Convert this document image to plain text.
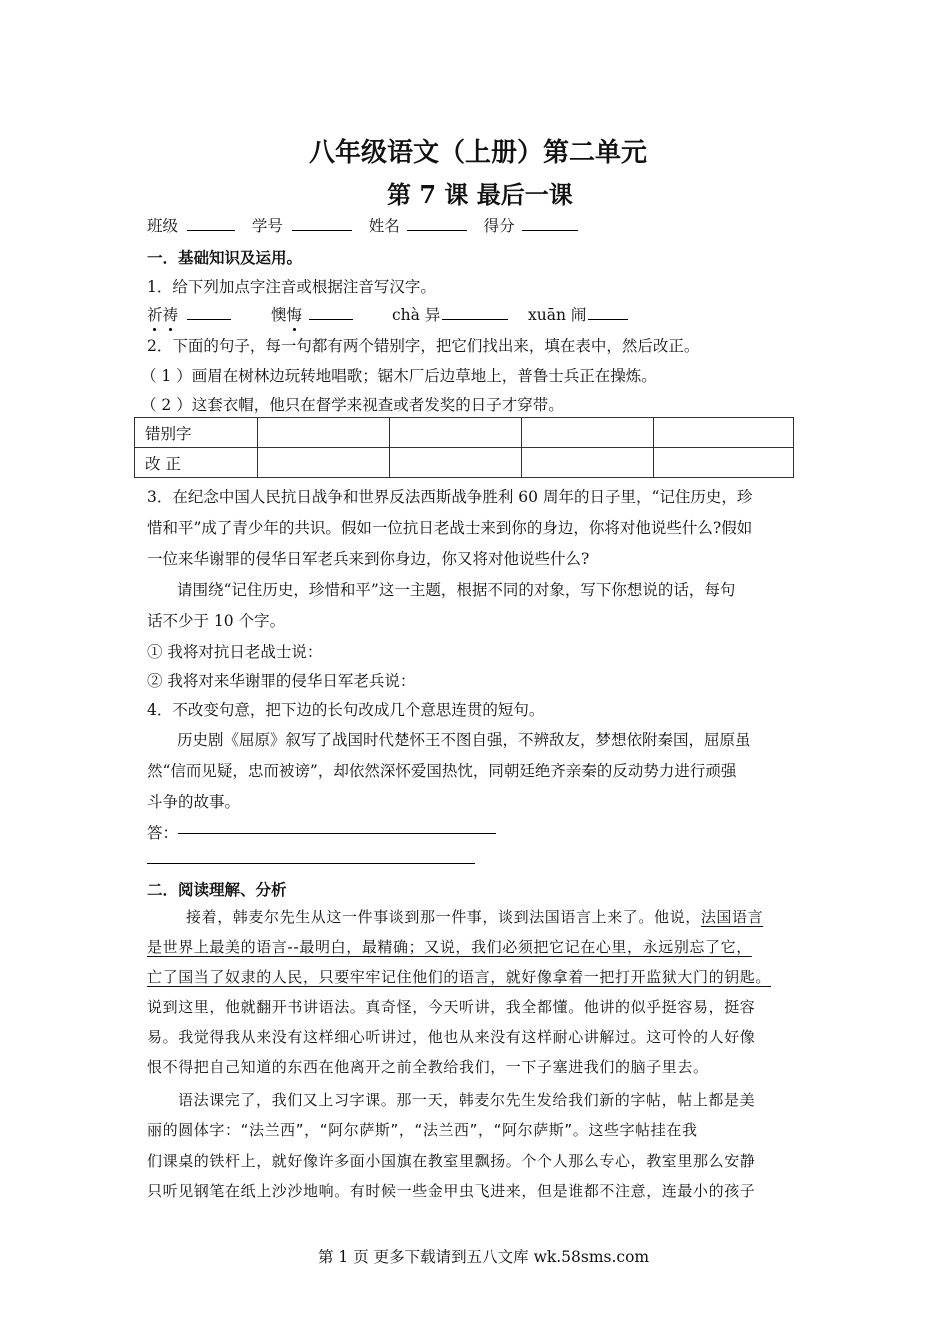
八年级语文（上册）第二单元
第 7 课 最后一课
班级	学号	姓名	得分
一．基础知识及运用。
1．给下列加点字注音或根据注音写汉字。
祈祷	懊悔	chà 异	xuān 闹
2．下面的句子，每一句都有两个错别字，把它们找出来，填在表中，然后改正。
（ 1 ）画眉在树林边玩转地唱歌；锯木厂后边草地上，普鲁士兵正在操炼。
（ 2 ）这套衣帽，他只在督学来视查或者发奖的日子才穿带。
错别字				
改 正				
3．在纪念中国人民抗日战争和世界反法西斯战争胜利 60 周年的日子里，“记住历史，珍
惜和平”成了青少年的共识。假如一位抗日老战士来到你的身边，你将对他说些什么?假如
一位来华谢罪的侵华日军老兵来到你身边，你又将对他说些什么?
请围绕“记住历史，珍惜和平”这一主题，根据不同的对象，写下你想说的话，每句
话不少于 10 个字。
① 我将对抗日老战士说：
② 我将对来华谢罪的侵华日军老兵说：
4．不改变句意，把下边的长句改成几个意思连贯的短句。
历史剧《屈原》叙写了战国时代楚怀王不图自强，不辨敌友，梦想依附秦国，屈原虽
然“信而见疑，忠而被谤”，却依然深怀爱国热忱，同朝廷绝齐亲秦的反动势力进行顽强
斗争的故事。
答：
二．阅读理解、分析
接着，韩麦尔先生从这一件事谈到那一件事，谈到法国语言上来了。他说，法国语言
是世界上最美的语言--最明白，最精确；又说，我们必须把它记在心里，永远别忘了它，
亡了国当了奴隶的人民，只要牢牢记住他们的语言，就好像拿着一把打开监狱大门的钥匙。
说到这里，他就翻开书讲语法。真奇怪，今天听讲，我全都懂。他讲的似乎挺容易，挺容
易。我觉得我从来没有这样细心听讲过，他也从来没有这样耐心讲解过。这可怜的人好像
恨不得把自己知道的东西在他离开之前全教给我们，一下子塞进我们的脑子里去。
语法课完了，我们又上习字课。那一天，韩麦尔先生发给我们新的字帖，帖上都是美
丽的圆体字：“法兰西”，“阿尔萨斯”，“法兰西”，“阿尔萨斯”。这些字帖挂在我
们课桌的铁杆上，就好像许多面小国旗在教室里飘扬。个个人那么专心，教室里那么安静
只听见钢笔在纸上沙沙地响。有时候一些金甲虫飞进来，但是谁都不注意，连最小的孩子
第 1 页 更多下载请到五八文库 wk.58sms.com
